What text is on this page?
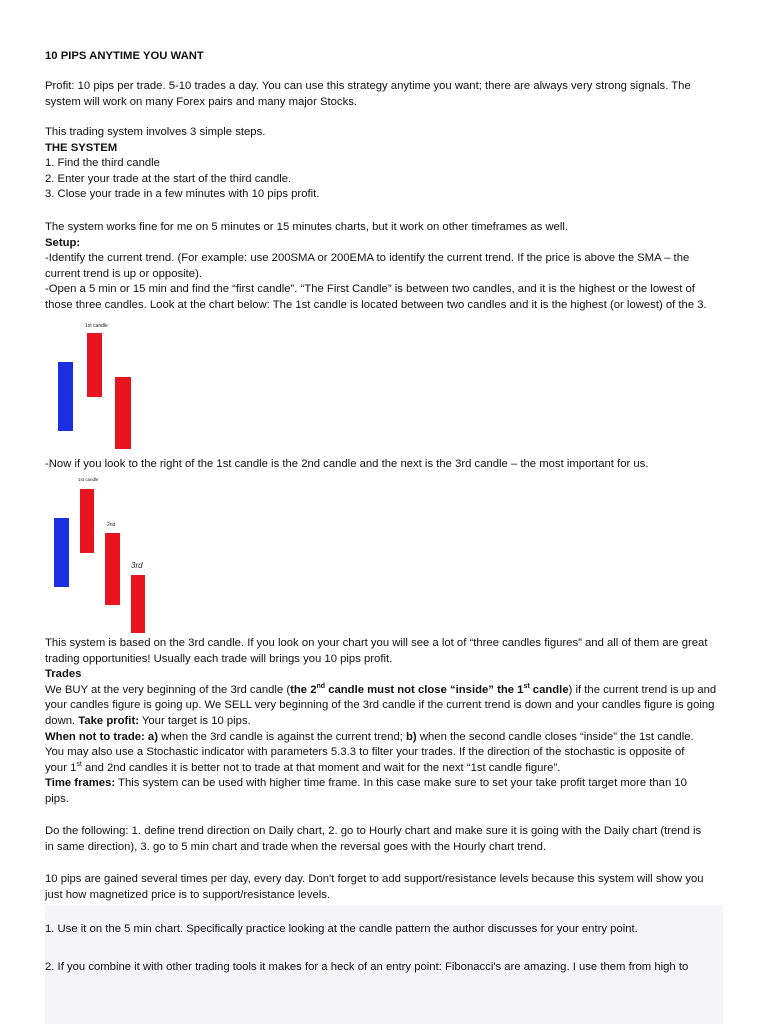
10 PIPS ANYTIME YOU WANT
Profit: 10 pips per trade. 5-10 trades a day. You can use this strategy anytime you want; there are always very strong signals. The
system will work on many Forex pairs and many major Stocks.
This trading system involves 3 simple steps.
THE SYSTEM
1. Find the third candle
2. Enter your trade at the start of the third candle.
3. Close your trade in a few minutes with 10 pips profit.
The system works fine for me on 5 minutes or 15 minutes charts, but it work on other timeframes as well.
Setup:
-Identify the current trend. (For example: use 200SMA or 200EMA to identify the current trend. If the price is above the SMA – the
current trend is up or opposite).
-Open a 5 min or 15 min and find the “first candle”. “The First Candle” is between two candles, and it is the highest or the lowest of
those three candles. Look at the chart below: The 1st candle is located between two candles and it is the highest (or lowest) of the 3.
-Now if you look to the right of the 1st candle is the 2nd candle and the next is the 3rd candle – the most important for us.
This system is based on the 3rd candle. If you look on your chart you will see a lot of “three candles figures” and all of them are great
trading opportunities! Usually each trade will brings you 10 pips profit.
Trades
We BUY at the very beginning of the 3rd candle (the 2nd candle must not close “inside” the 1st candle) if the current trend is up and
your candles figure is going up. We SELL very beginning of the 3rd candle if the current trend is down and your candles figure is going
down. Take profit: Your target is 10 pips.
When not to trade: a) when the 3rd candle is against the current trend; b) when the second candle closes “inside” the 1st candle.
You may also use a Stochastic indicator with parameters 5.3.3 to filter your trades. If the direction of the stochastic is opposite of
your 1st and 2nd candles it is better not to trade at that moment and wait for the next “1st candle figure”.
Time frames: This system can be used with higher time frame. In this case make sure to set your take profit target more than 10
pips.
Do the following: 1. define trend direction on Daily chart, 2. go to Hourly chart and make sure it is going with the Daily chart (trend is
in same direction), 3. go to 5 min chart and trade when the reversal goes with the Hourly chart trend.
10 pips are gained several times per day, every day. Don't forget to add support/resistance levels because this system will show you
just how magnetized price is to support/resistance levels.
1. Use it on the 5 min chart. Specifically practice looking at the candle pattern the author discusses for your entry point.
2. If you combine it with other trading tools it makes for a heck of an entry point: Fibonacci's are amazing. I use them from high to
1st candle
1st candle
2nd
3rd
